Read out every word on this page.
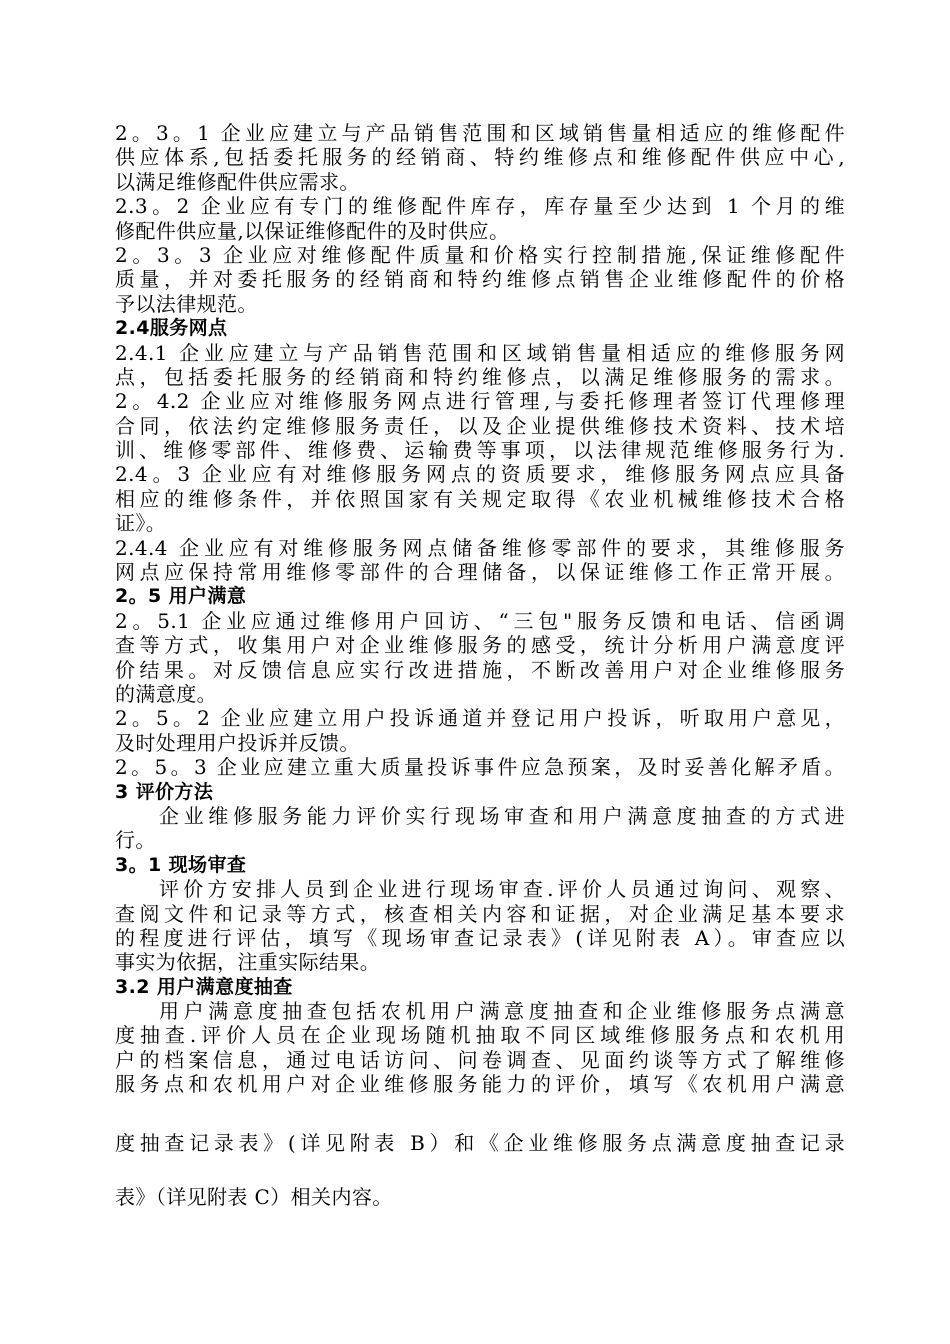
2。3。1 企业应建立与产品销售范围和区域销售量相适应的维修配件
供应体系,包括委托服务的经销商、特约维修点和维修配件供应中心,
以满足维修配件供应需求。
2.3。2 企业应有专门的维修配件库存，库存量至少达到 1 个月的维
修配件供应量,以保证维修配件的及时供应。
2。3。3 企业应对维修配件质量和价格实行控制措施,保证维修配件
质量，并对委托服务的经销商和特约维修点销售企业维修配件的价格
予以法律规范。
2.4服务网点
2.4.1 企业应建立与产品销售范围和区域销售量相适应的维修服务网
点，包括委托服务的经销商和特约维修点，以满足维修服务的需求。
2。4.2 企业应对维修服务网点进行管理,与委托修理者签订代理修理
合同，依法约定维修服务责任，以及企业提供维修技术资料、技术培
训、维修零部件、维修费、运输费等事项，以法律规范维修服务行为.
2.4。3 企业应有对维修服务网点的资质要求，维修服务网点应具备
相应的维修条件，并依照国家有关规定取得《农业机械维修技术合格
证》。
2.4.4 企业应有对维修服务网点储备维修零部件的要求，其维修服务
网点应保持常用维修零部件的合理储备，以保证维修工作正常开展。
2。5 用户满意
2。5.1 企业应通过维修用户回访、“三包"服务反馈和电话、信函调
查等方式，收集用户对企业维修服务的感受，统计分析用户满意度评
价结果。对反馈信息应实行改进措施，不断改善用户对企业维修服务
的满意度。
2。5。2 企业应建立用户投诉通道并登记用户投诉，听取用户意见，
及时处理用户投诉并反馈。
2。5。3 企业应建立重大质量投诉事件应急预案，及时妥善化解矛盾。
3 评价方法
企业维修服务能力评价实行现场审查和用户满意度抽查的方式进
行。
3。1 现场审查
评价方安排人员到企业进行现场审查.评价人员通过询问、观察、
查阅文件和记录等方式，核查相关内容和证据，对企业满足基本要求
的程度进行评估，填写《现场审查记录表》(详见附表 A）。审查应以
事实为依据，注重实际结果。
3.2 用户满意度抽查
用户满意度抽查包括农机用户满意度抽查和企业维修服务点满意
度抽查.评价人员在企业现场随机抽取不同区域维修服务点和农机用
户的档案信息，通过电话访问、问卷调查、见面约谈等方式了解维修
服务点和农机用户对企业维修服务能力的评价，填写《农机用户满意
度抽查记录表》(详见附表 B）和《企业维修服务点满意度抽查记录
表》（详见附表 C）相关内容。
